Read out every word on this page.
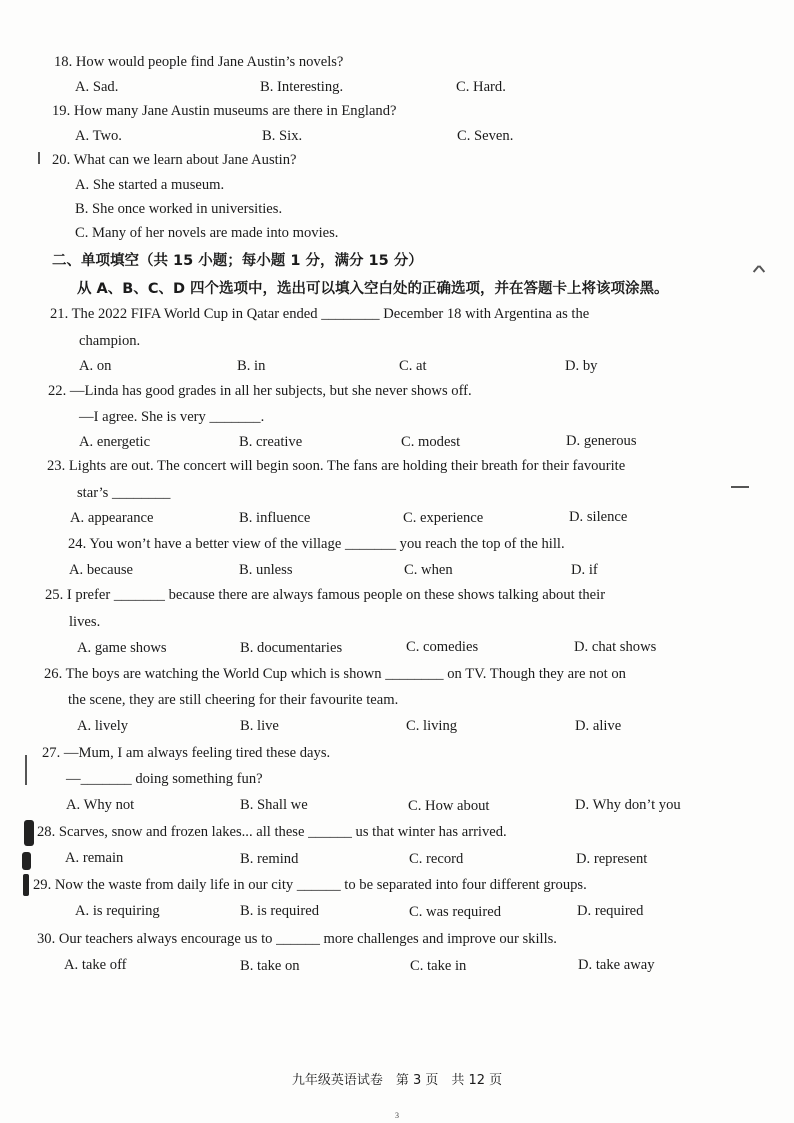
18. How would people find Jane Austin’s novels?
A. Sad.	B. Interesting.	C. Hard.
19. How many Jane Austin museums are there in England?
A. Two.	B. Six.	C. Seven.
20. What can we learn about Jane Austin?
A. She started a museum.
B. She once worked in universities.
C. Many of her novels are made into movies.
二、单项填空（共 15 小题；每小题 1 分，满分 15 分）
从 A、B、C、D 四个选项中，选出可以填入空白处的正确选项，并在答题卡上将该项涂黑。
21. The 2022 FIFA World Cup in Qatar ended ________ December 18 with Argentina as the
champion.
A. on	B. in	C. at	D. by
22. —Linda has good grades in all her subjects, but she never shows off.
—I agree. She is very _______.
A. energetic	B. creative	C. modest	D. generous
23. Lights are out. The concert will begin soon. The fans are holding their breath for their favourite
star’s ________
A. appearance	B. influence	C. experience	D. silence
24. You won’t have a better view of the village _______ you reach the top of the hill.
A. because	B. unless	C. when	D. if
25. I prefer _______ because there are always famous people on these shows talking about their
lives.
A. game shows	B. documentaries	C. comedies	D. chat shows
26. The boys are watching the World Cup which is shown ________ on TV. Though they are not on
the scene, they are still cheering for their favourite team.
A. lively	B. live	C. living	D. alive
27. —Mum, I am always feeling tired these days.
—_______ doing something fun?
A. Why not	B. Shall we	C. How about	D. Why don’t you
28. Scarves, snow and frozen lakes... all these ______ us that winter has arrived.
A. remain	B. remind	C. record	D. represent
29. Now the waste from daily life in our city ______ to be separated into four different groups.
A. is requiring	B. is required	C. was required	D. required
30. Our teachers always encourage us to ______ more challenges and improve our skills.
A. take off	B. take on	C. take in	D. take away
九年级英语试卷　第 3 页　共 12 页
3
